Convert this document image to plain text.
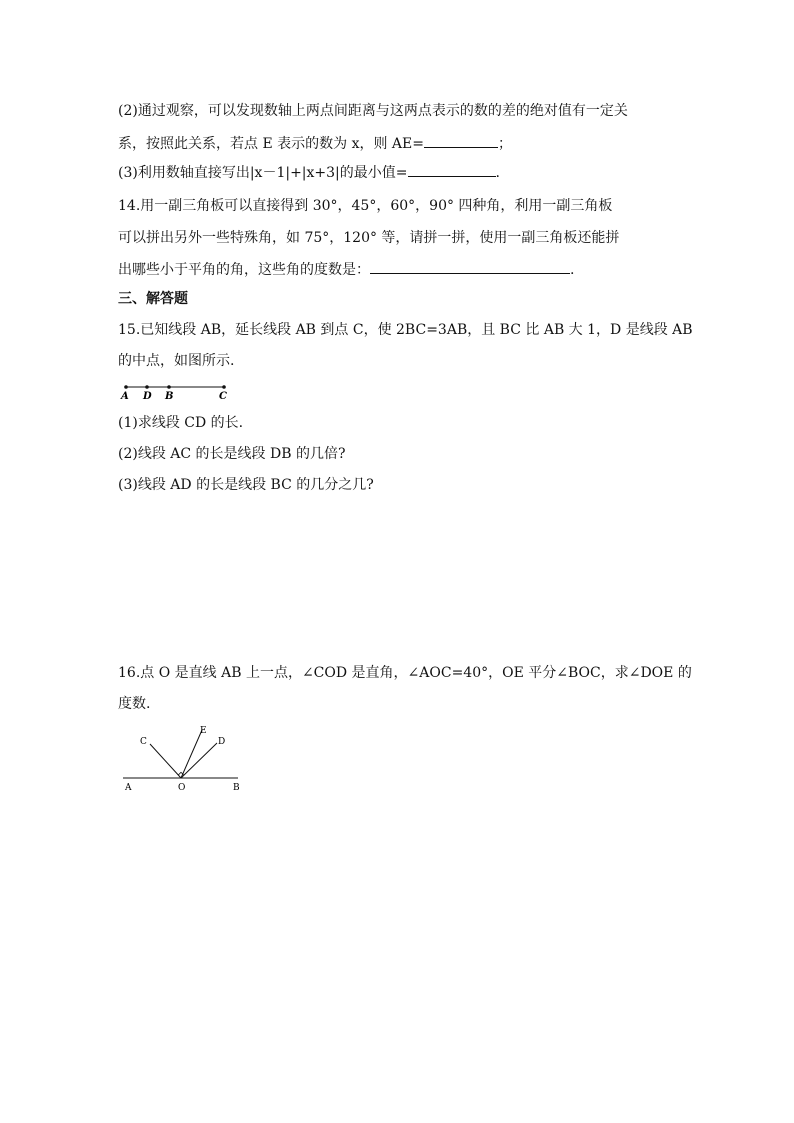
(2)通过观察，可以发现数轴上两点间距离与这两点表示的数的差的绝对值有一定关

系，按照此关系，若点 E 表示的数为 x，则 AE=	；

(3)利用数轴直接写出|x－1|+|x+3|的最小值=	.

14.用一副三角板可以直接得到 30°，45°，60°，90° 四种角，利用一副三角板

可以拼出另外一些特殊角，如 75°，120° 等，请拼一拼，使用一副三角板还能拼

出哪些小于平角的角，这些角的度数是：	.

三、解答题

15.已知线段 AB，延长线段 AB 到点 C，使 2BC=3AB，且 BC 比 AB 大 1，D 是线段 AB

的中点，如图所示.

A D B	C

(1)求线段 CD 的长.

(2)线段 AC 的长是线段 DB 的几倍?

(3)线段 AD 的长是线段 BC 的几分之几?

16.点 O 是直线 AB 上一点，∠COD 是直角，∠AOC=40°，OE 平分∠BOC，求∠DOE 的

度数.

A	O	B
C
E
D
